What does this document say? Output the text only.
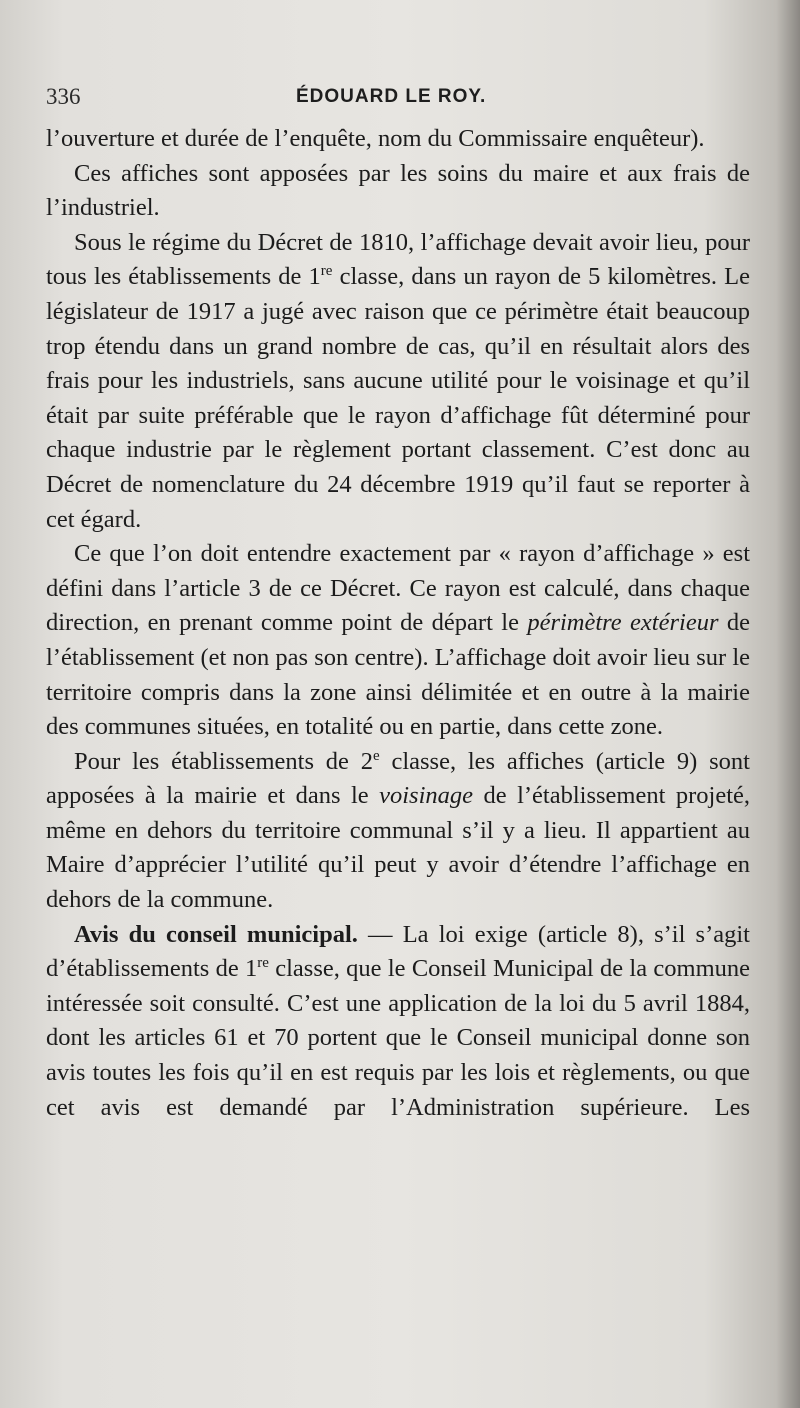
336	ÉDOUARD LE ROY.

l’ouverture et durée de l’enquête, nom du Commissaire enquêteur).

Ces affiches sont apposées par les soins du maire et aux frais de l’industriel.

Sous le régime du Décret de 1810, l’affichage devait avoir lieu, pour tous les établissements de 1re classe, dans un rayon de 5 kilomètres. Le législateur de 1917 a jugé avec raison que ce périmètre était beaucoup trop étendu dans un grand nombre de cas, qu’il en résultait alors des frais pour les industriels, sans aucune utilité pour le voisinage et qu’il était par suite préférable que le rayon d’affichage fût déterminé pour chaque industrie par le règlement portant classement. C’est donc au Décret de nomenclature du 24 décembre 1919 qu’il faut se reporter à cet égard.

Ce que l’on doit entendre exactement par « rayon d’affichage » est défini dans l’article 3 de ce Décret. Ce rayon est calculé, dans chaque direction, en prenant comme point de départ le périmètre extérieur de l’établissement (et non pas son centre). L’affichage doit avoir lieu sur le territoire compris dans la zone ainsi délimitée et en outre à la mairie des communes situées, en totalité ou en partie, dans cette zone.

Pour les établissements de 2e classe, les affiches (article 9) sont apposées à la mairie et dans le voisinage de l’établissement projeté, même en dehors du territoire communal s’il y a lieu. Il appartient au Maire d’apprécier l’utilité qu’il peut y avoir d’étendre l’affichage en dehors de la commune.

Avis du conseil municipal. — La loi exige (article 8), s’il s’agit d’établissements de 1re classe, que le Conseil Municipal de la commune intéressée soit consulté. C’est une application de la loi du 5 avril 1884, dont les articles 61 et 70 portent que le Conseil municipal donne son avis toutes les fois qu’il en est requis par les lois et règlements, ou que cet avis est demandé par l’Administration supérieure. Les
